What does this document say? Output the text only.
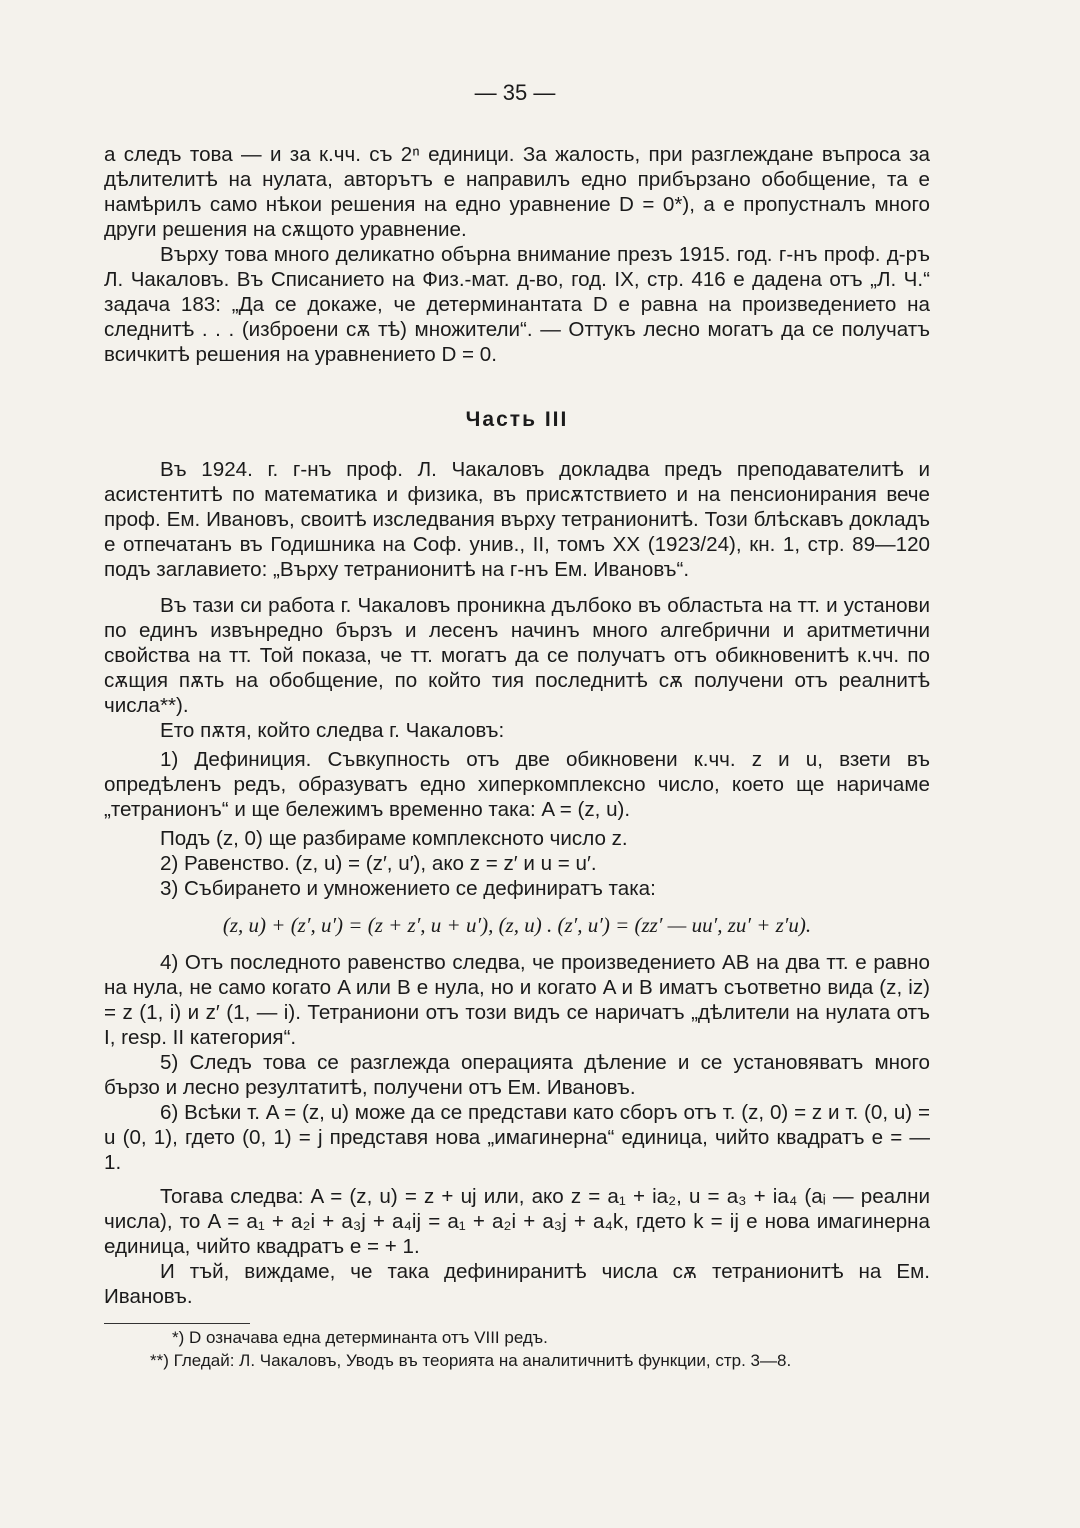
— 35 —

а следъ това — и за к.чч. съ 2ⁿ единици. За жалость, при разглеждане въпроса за дѣлителитѣ на нулата, авторътъ е направилъ едно прибързано обобщение, та е намѣрилъ само нѣкои решения на едно уравнение D = 0*), а е пропустналъ много други решения на сѫщото уравнение.

Върху това много деликатно обърна внимание презъ 1915. год. г-нъ проф. д-ръ Л. Чакаловъ. Въ Списанието на Физ.-мат. д-во, год. IX, стр. 416 е дадена отъ „Л. Ч.“ задача 183: „Да се докаже, че детерминантата D е равна на произведението на следнитѣ . . . (изброени сѫ тѣ) множители“. — Оттукъ лесно могатъ да се получатъ всичкитѣ решения на уравнението D = 0.

Часть III

Въ 1924. г. г-нъ проф. Л. Чакаловъ докладва предъ преподавателитѣ и асистентитѣ по математика и физика, въ присѫтствието и на пенсионирания вече проф. Ем. Ивановъ, своитѣ изследвания върху тетранионитѣ. Този блѣскавъ докладъ е отпечатанъ въ Годишника на Соф. унив., II, томъ XX (1923/24), кн. 1, стр. 89—120 подъ заглавието: „Върху тетранионитѣ на г-нъ Ем. Ивановъ“.

Въ тази си работа г. Чакаловъ проникна дълбоко въ областьта на тт. и установи по единъ извънредно бързъ и лесенъ начинъ много алгебрични и аритметични свойства на тт. Той показа, че тт. могатъ да се получатъ отъ обикновенитѣ к.чч. по сѫщия пѫть на обобщение, по който тия последнитѣ сѫ получени отъ реалнитѣ числа**).

Ето пѫтя, който следва г. Чакаловъ:

1) Дефиниция. Съвкупность отъ две обикновени к.чч. z и u, взети въ опредѣленъ редъ, образуватъ едно хиперкомплексно число, което ще наричаме „тетранионъ“ и ще бележимъ временно така: A = (z, u).

Подъ (z, 0) ще разбираме комплексното число z.

2) Равенство. (z, u) = (z′, u′), ако z = z′ и u = u′.

3) Събирането и умножението се дефиниратъ така:

(z, u) + (z′, u′) = (z + z′, u + u′), (z, u) . (z′, u′) = (zz′ — uu′, zu′ + z′u).

4) Отъ последното равенство следва, че произведението AB на два тт. е равно на нула, не само когато A или B е нула, но и когато A и B иматъ съответно вида (z, iz) = z (1, i) и z′ (1, — i). Тетраниони отъ този видъ се наричатъ „дѣлители на нулата отъ I, resp. II категория“.

5) Следъ това се разглежда операцията дѣление и се установяватъ много бързо и лесно резултатитѣ, получени отъ Ем. Ивановъ.

6) Всѣки т. A = (z, u) може да се представи като сборъ отъ т. (z, 0) = z и т. (0, u) = u (0, 1), гдето (0, 1) = j представя нова „имагинерна“ единица, чийто квадратъ е = — 1.

Тогава следва: A = (z, u) = z + uj или, ако z = a₁ + ia₂, u = a₃ + ia₄ (aᵢ — реални числа), то A = a₁ + a₂i + a₃j + a₄ij = a₁ + a₂i + a₃j + a₄k, гдето k = ij е нова имагинерна единица, чийто квадратъ е = + 1.

И тъй, виждаме, че така дефиниранитѣ числа сѫ тетранионитѣ на Ем. Ивановъ.

*) D означава една детерминанта отъ VIII редъ.
**) Гледай: Л. Чакаловъ, Уводъ въ теорията на аналитичнитѣ функции, стр. 3—8.
